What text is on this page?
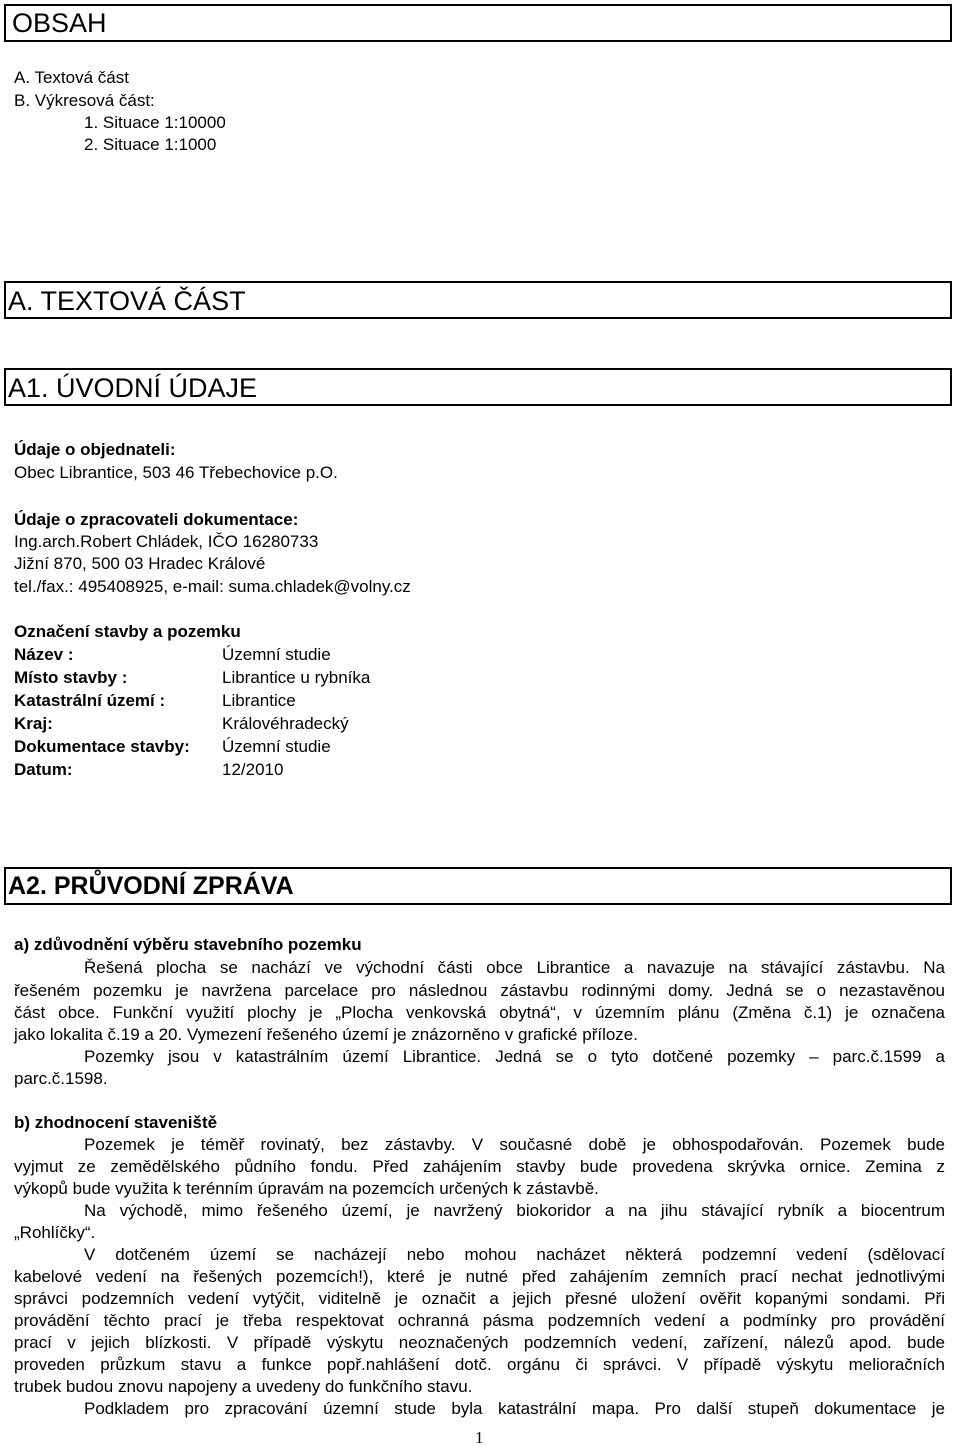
OBSAH
A. Textová část
B. Výkresová část:
1. Situace 1:10000
2. Situace 1:1000
A. TEXTOVÁ ČÁST
A1. ÚVODNÍ ÚDAJE
Údaje o objednateli:
Obec Librantice, 503 46 Třebechovice p.O.
Údaje o zpracovateli dokumentace:
Ing.arch.Robert Chládek, IČO 16280733
Jižní 870, 500 03 Hradec Králové
tel./fax.: 495408925, e-mail: suma.chladek@volny.cz
Označení stavby a pozemku
Název :	Územní studie
Místo stavby :	Librantice u rybníka
Katastrální území :	Librantice
Kraj:	Královéhradecký
Dokumentace stavby: Územní studie
Datum:	12/2010
A2. PRŮVODNÍ ZPRÁVA
a) zdůvodnění výběru stavebního pozemku
Řešená plocha se nachází ve východní části obce Librantice a navazuje na stávající zástavbu. Na
řešeném pozemku je navržena parcelace pro následnou zástavbu rodinnými domy. Jedná se o nezastavěnou
část obce. Funkční využití plochy je „Plocha venkovská obytná“, v územním plánu (Změna č.1) je označena
jako lokalita č.19 a 20. Vymezení řešeného území je znázorněno v grafické příloze.
Pozemky jsou v katastrálním území Librantice. Jedná se o tyto dotčené pozemky – parc.č.1599 a
parc.č.1598.
b) zhodnocení staveniště
Pozemek je téměř rovinatý, bez zástavby. V současné době je obhospodařován. Pozemek bude
vyjmut ze zemědělského půdního fondu. Před zahájením stavby bude provedena skrývka ornice. Zemina z
výkopů bude využita k terénním úpravám na pozemcích určených k zástavbě.
Na východě, mimo řešeného území, je navržený biokoridor a na jihu stávající rybník a biocentrum
„Rohlíčky“.
V dotčeném území se nacházejí nebo mohou nacházet některá podzemní vedení (sdělovací
kabelové vedení na řešených pozemcích!), které je nutné před zahájením zemních prací nechat jednotlivými
správci podzemních vedení vytýčit, viditelně je označit a jejich přesné uložení ověřit kopanými sondami. Při
provádění těchto prací je třeba respektovat ochranná pásma podzemních vedení a podmínky pro provádění
prací v jejich blízkosti. V případě výskytu neoznačených podzemních vedení, zařízení, nálezů apod. bude
proveden průzkum stavu a funkce popř.nahlášení dotč. orgánu či správci. V případě výskytu melioračních
trubek budou znovu napojeny a uvedeny do funkčního stavu.
Podkladem pro zpracování územní stude byla katastrální mapa. Pro další stupeň dokumentace je
1
